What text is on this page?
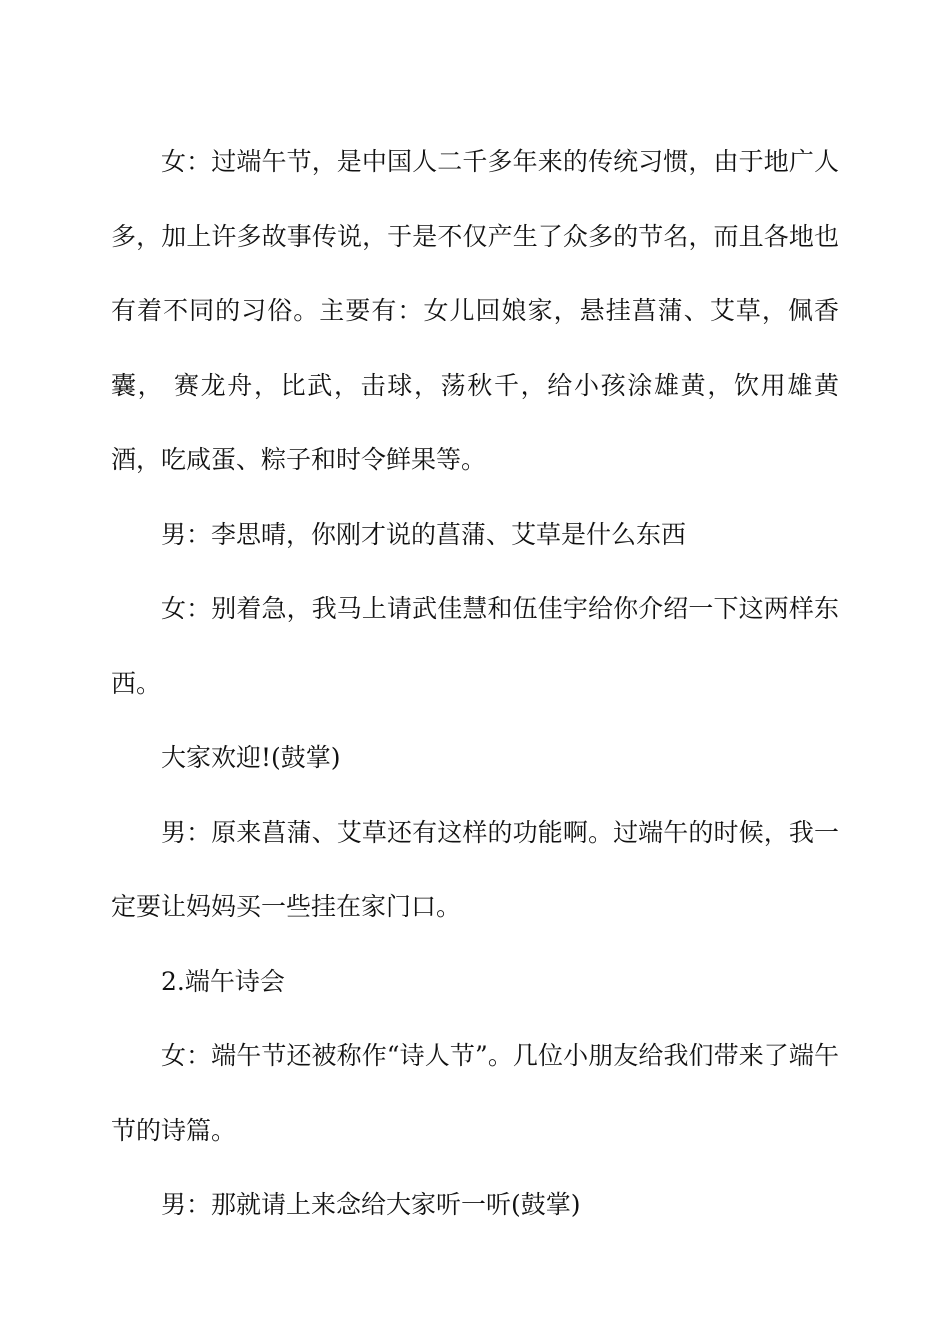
女：过端午节，是中国人二千多年来的传统习惯，由于地广人多，加上许多故事传说，于是不仅产生了众多的节名，而且各地也有着不同的习俗。主要有：女儿回娘家，悬挂菖蒲、艾草，佩香囊， 赛龙舟，比武，击球，荡秋千，给小孩涂雄黄，饮用雄黄酒，吃咸蛋、粽子和时令鲜果等。

男：李思晴，你刚才说的菖蒲、艾草是什么东西

女：别着急，我马上请武佳慧和伍佳宇给你介绍一下这两样东西。

大家欢迎!(鼓掌)

男：原来菖蒲、艾草还有这样的功能啊。过端午的时候，我一定要让妈妈买一些挂在家门口。

2.端午诗会

女：端午节还被称作“诗人节”。几位小朋友给我们带来了端午节的诗篇。

男：那就请上来念给大家听一听(鼓掌)
